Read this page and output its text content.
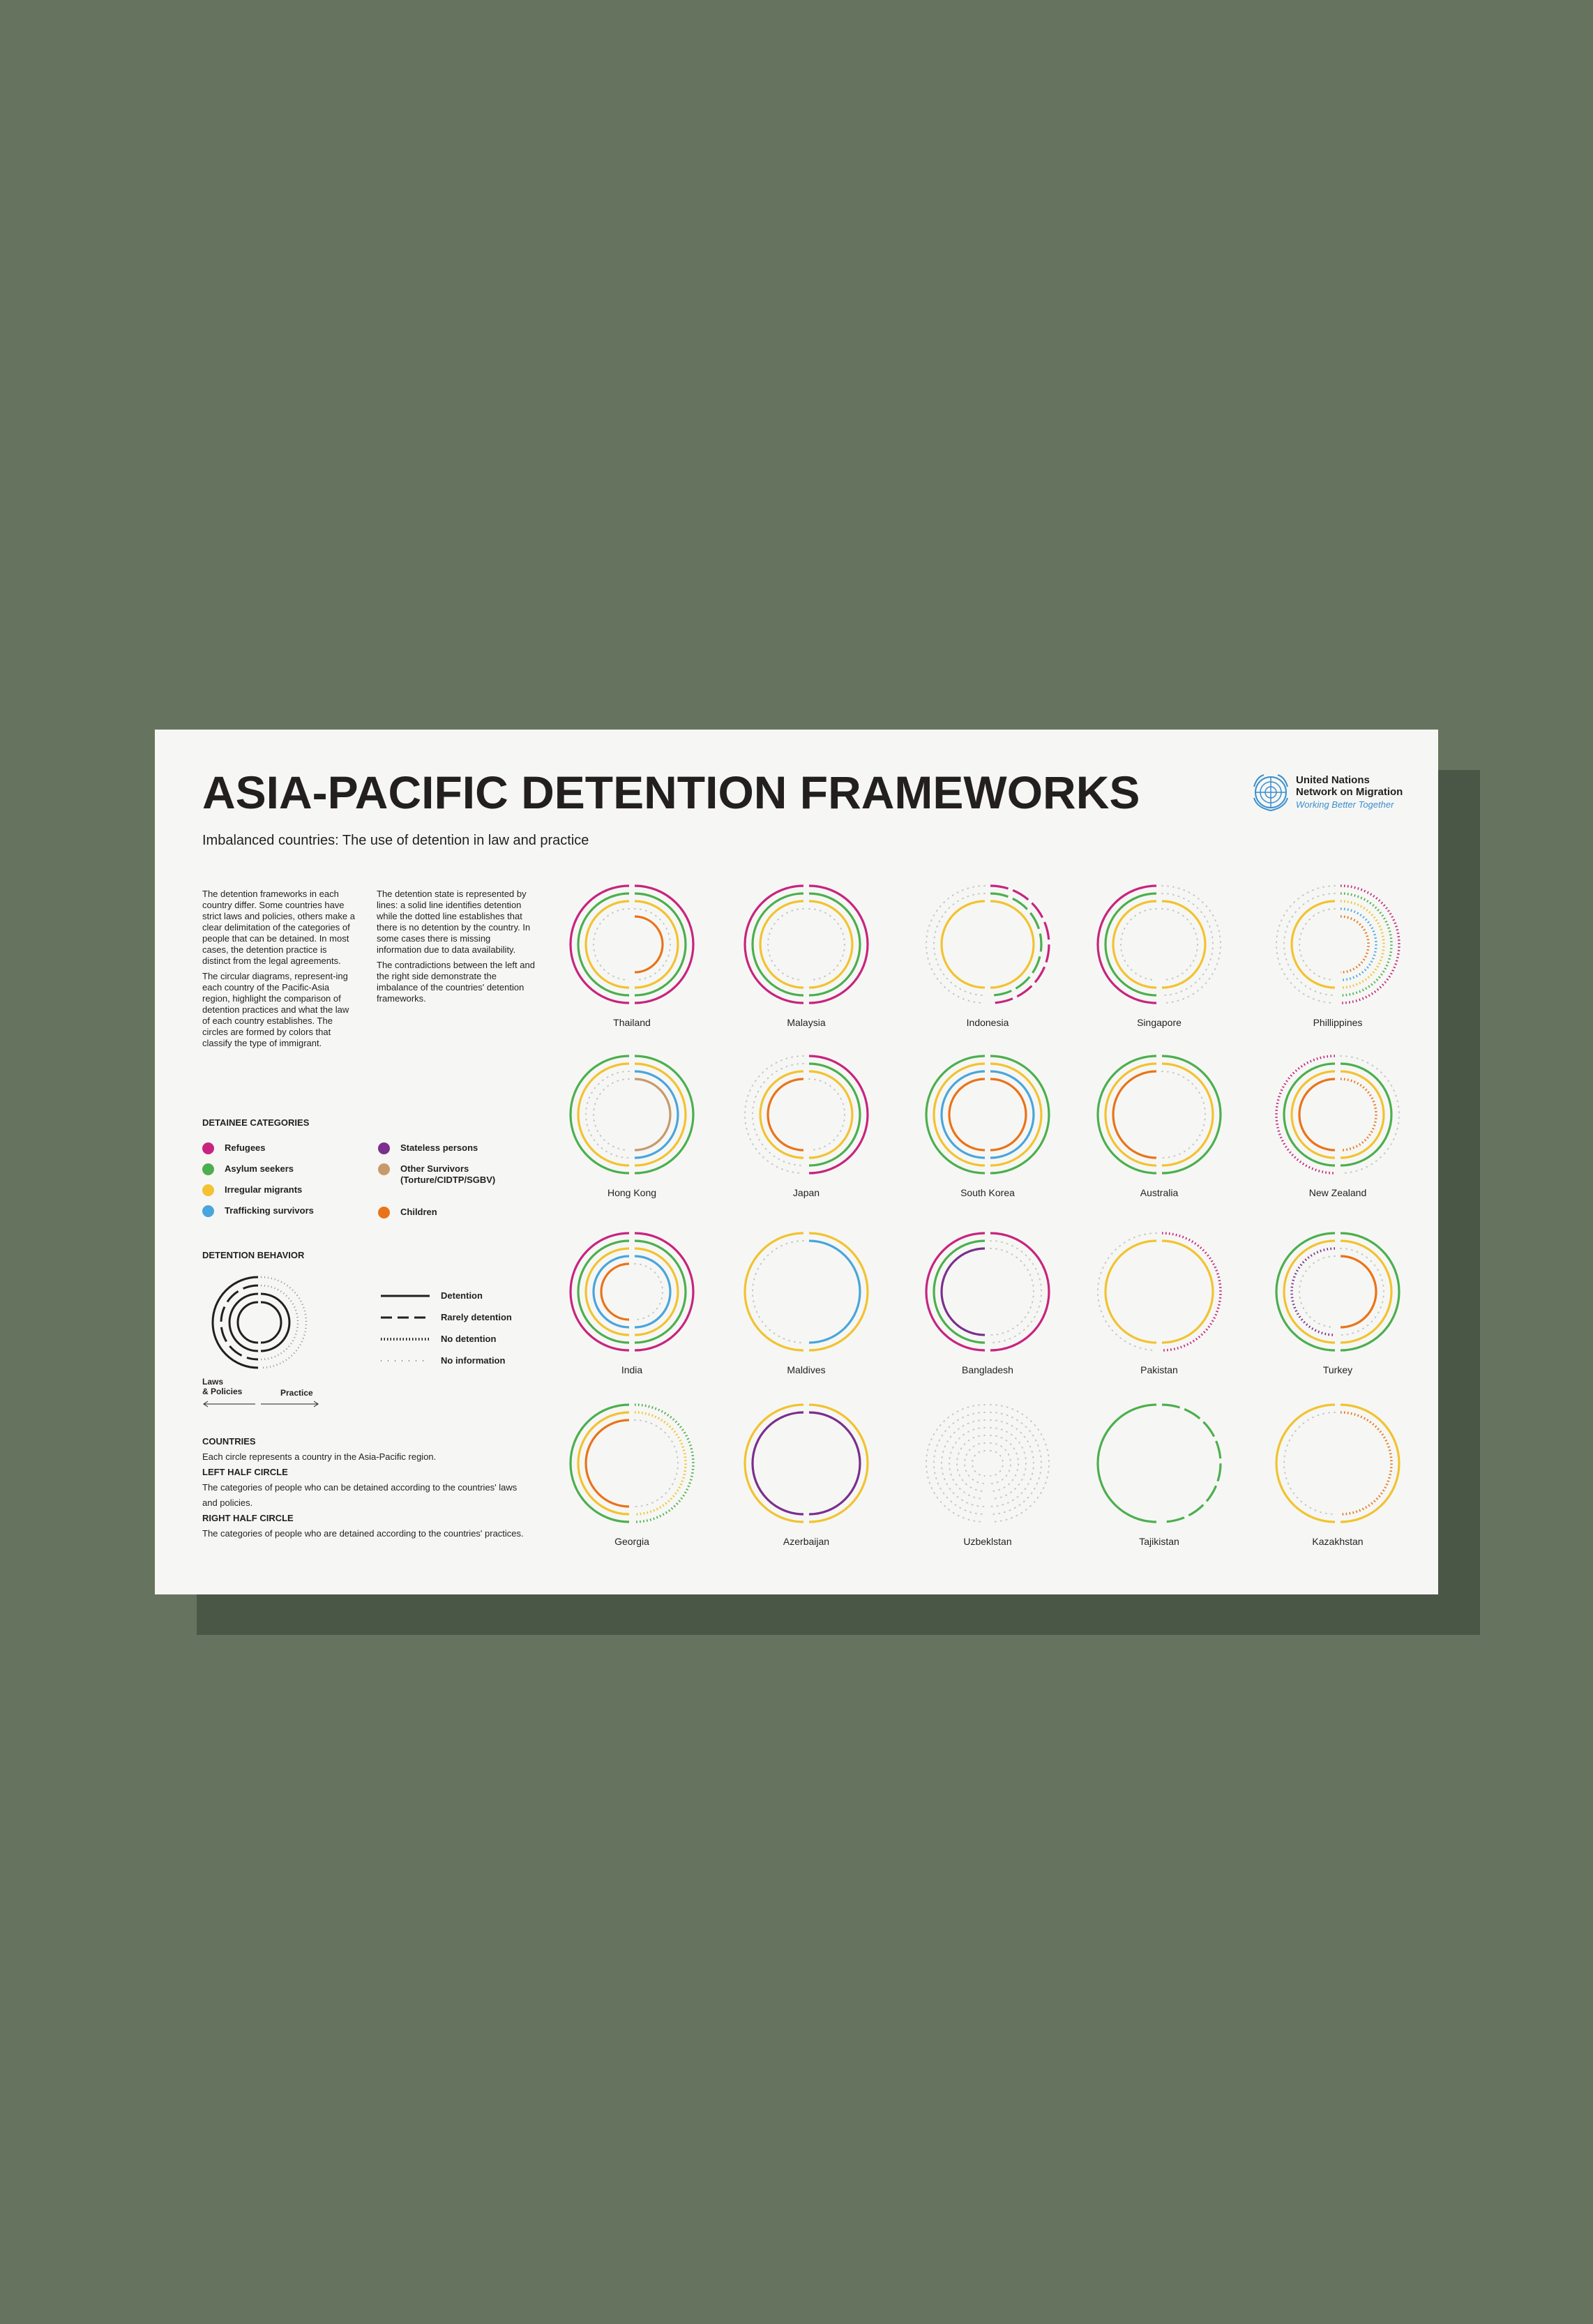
ASIA-PACIFIC DETENTION FRAMEWORKS
Imbalanced countries: The use of detention in law and practice
United Nations
Network on Migration
Working Better Together

The detention frameworks in each country differ. Some countries have strict laws and policies, others make a clear delimitation of the categories of people that can be detained. In most cases, the detention practice is distinct from the legal agreements.

The circular diagrams, represent-ing each country of the Pacific-Asia region, highlight the comparison of detention practices and what the law of each country establishes. The circles are formed by colors that classify the type of immigrant.

The detention state is represented by lines: a solid line identifies detention while the dotted line establishes that there is no detention by the country. In some cases there is missing information due to data availability.

The contradictions between the left and the right side demonstrate the imbalance of the countries' detention frameworks.

DETAINEE CATEGORIES
Refugees
Asylum seekers
Irregular migrants
Trafficking survivors
Stateless persons
Other Survivors (Torture/CIDTP/SGBV)
Children
DETENTION BEHAVIOR
Detention
Rarely detention
No detention
No information
Laws
& Policies	Practice
COUNTRIES
Each circle represents a country in the Asia-Pacific region.
LEFT HALF CIRCLE
The categories of people who can be detained according to the countries' laws and policies.
RIGHT HALF CIRCLE
The categories of people who are detained according to the countries' practices.
Thailand	Malaysia	Indonesia	Singapore	Phillippines
Hong Kong	Japan	South Korea	Australia	New Zealand
India	Maldives	Bangladesh	Pakistan	Turkey
Georgia	Azerbaijan	Uzbeklstan	Tajikistan	Kazakhstan
